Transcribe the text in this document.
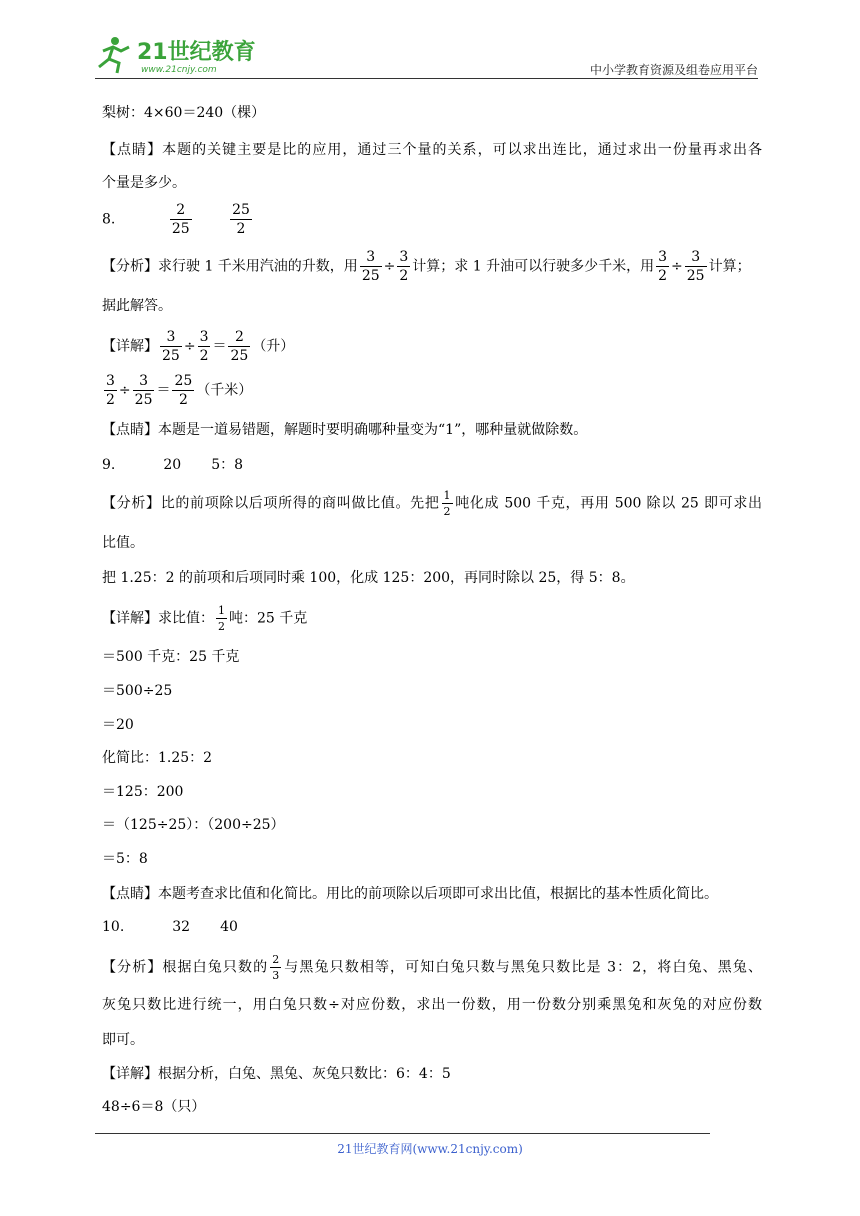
21世纪教育
www.21cnjy.com	中小学教育资源及组卷应用平台
梨树：4×60＝240（棵）
【点睛】本题的关键主要是比的应用，通过三个量的关系，可以求出连比，通过求出一份量再求出各
个量是多少。
8.	$\frac{2}{25}$
	$\frac{25}{2}$
【分析】求行驶 1 千米用汽油的升数，用 $\frac{3}{25} \div \frac{3}{2}$ 计算；求 1 升油可以行驶多少千米，用 $\frac{3}{2} \div \frac{3}{25}$ 计算；
据此解答。
【详解】 $\frac{3}{25} \div \frac{3}{2} = \frac{2}{25}$ （升）
$\frac{3}{2} \div \frac{3}{25} = \frac{25}{2}$ （千米）
【点睛】本题是一道易错题，解题时要明确哪种量变为“1”，哪种量就做除数。
9.	20 5：8
【分析】比的前项除以后项所得的商叫做比值。先把 $\frac{1}{2}$ 吨化成 500 千克，再用 500 除以 25 即可求出
比值。
把 1.25：2 的前项和后项同时乘 100，化成 125：200，再同时除以 25，得 5：8。
【详解】求比值： $\frac{1}{2}$ 吨：25 千克
＝500 千克：25 千克
＝500÷25
＝20
化简比：1.25：2
＝125：200
＝（125÷25）：（200÷25）
＝5：8
【点睛】本题考查求比值和化简比。用比的前项除以后项即可求出比值，根据比的基本性质化简比。
10.	32 40
【分析】根据白兔只数的 $\frac{2}{3}$ 与黑兔只数相等，可知白兔只数与黑兔只数比是 3：2，将白兔、黑兔、
灰兔只数比进行统一，用白兔只数÷对应份数，求出一份数，用一份数分别乘黑兔和灰兔的对应份数
即可。
【详解】根据分析，白兔、黑兔、灰兔只数比：6：4：5
48÷6＝8（只）
21世纪教育网(www.21cnjy.com)
